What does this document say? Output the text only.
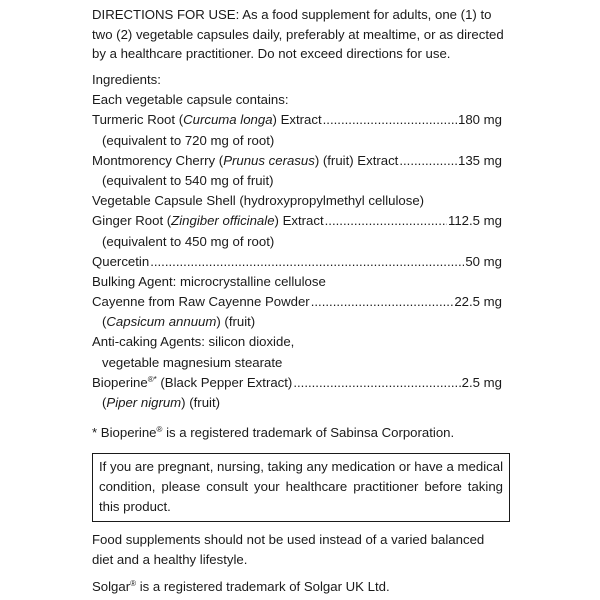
DIRECTIONS FOR USE: As a food supplement for adults, one (1) to two (2) vegetable capsules daily, preferably at mealtime, or as directed by a healthcare practitioner. Do not exceed directions for use.

Ingredients:
Each vegetable capsule contains:
Turmeric Root (Curcuma longa) Extract .....	180 mg
(equivalent to 720 mg of root)
Montmorency Cherry (Prunus cerasus) (fruit) Extract .....	135 mg
(equivalent to 540 mg of fruit)
Vegetable Capsule Shell (hydroxypropylmethyl cellulose)
Ginger Root (Zingiber officinale) Extract .....	112.5 mg
(equivalent to 450 mg of root)
Quercetin .....	50 mg
Bulking Agent: microcrystalline cellulose
Cayenne from Raw Cayenne Powder .....	22.5 mg
(Capsicum annuum) (fruit)
Anti-caking Agents: silicon dioxide,
vegetable magnesium stearate
Bioperine®* (Black Pepper Extract) .....	2.5 mg
(Piper nigrum) (fruit)
* Bioperine® is a registered trademark of Sabinsa Corporation.
If you are pregnant, nursing, taking any medication or have a medical condition, please consult your healthcare practitioner before taking this product.

Food supplements should not be used instead of a varied balanced diet and a healthy lifestyle.

Solgar® is a registered trademark of Solgar UK Ltd.
